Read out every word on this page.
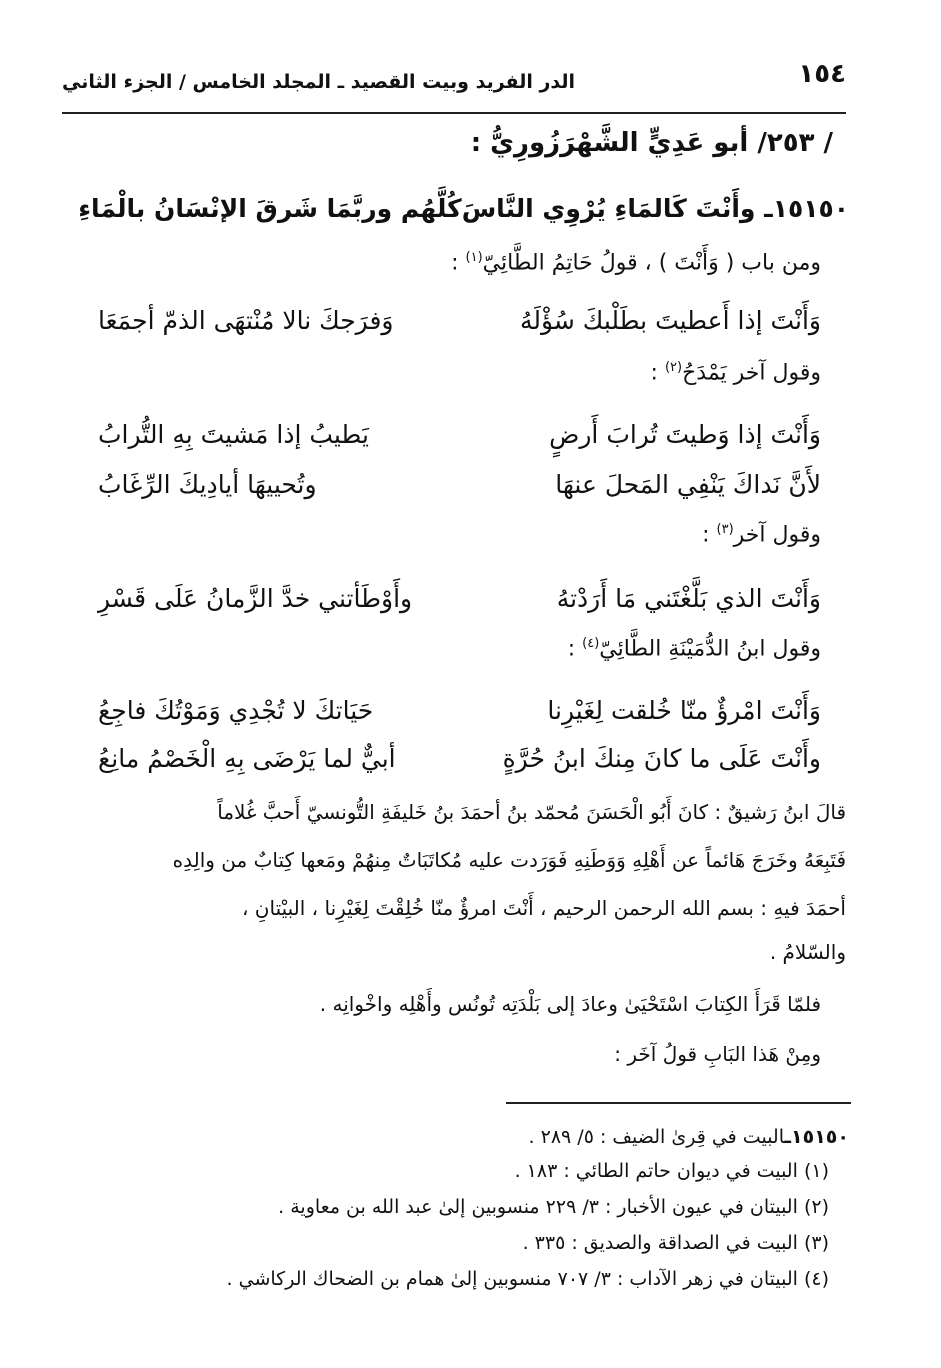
١٥٤
الدر الفريد وبيت القصيد ـ المجلد الخامس / الجزء الثاني
/ ٢٥٣/ أبو عَدِيٍّ الشَّهْرَزُورِيُّ :
١٥١٥٠ـ وأَنْتَ كَالمَاءِ يُرْوِي النَّاسَ
كُلَّهُم وربَّمَا شَرقَ الإنْسَانُ بالْمَاءِ
ومن باب ( وَأَنْتَ ) ، قولُ حَاتِمُ الطَّائِيّ$^{(١)}$ :
وَأَنْتَ إذا أَعطيتَ بطَلْبكَ سُؤْلَهُ
وَفرَجكَ نالا مُنْتهَى الذمّ أجمَعَا
وقول آخر يَمْدَحُ$^{(٢)}$ :
وَأَنْتَ إذا وَطيتَ تُرابَ أَرضٍ
يَطيبُ إذا مَشيتَ بِهِ التُّرابُ
لأَنَّ نَداكَ يَنْفِي المَحلَ عنهَا
وتُحييهَا أيادِيكَ الرِّغَابُ
وقول آخر$^{(٣)}$ :
وَأَنْتَ الذي بَلَّغْتَني مَا أَرَدْتهُ
وأَوْطَأتني خدَّ الزَّمانُ عَلَى قَسْرِ
وقول ابنُ الدُّمَيْنَةِ الطَّائِيّ$^{(٤)}$ :
وَأَنْتَ امْرؤٌ منّا خُلقت لِغَيْرِنا
حَيَاتكَ لا تُجْدِي وَمَوْتُكَ فاجِعُ
وأَنْتَ عَلَى ما كانَ مِنكَ ابنُ حُرَّةٍ
أبيٌّ لما يَرْضَى بِهِ الْخَصْمُ مانِعُ
قالَ ابنُ رَشيقٌ : كانَ أَبُو الْحَسَنَ مُحمّد بنُ أحمَدَ بنُ خَليفَةِ التُّونسيّ أَحبَّ غُلاماً
فَتَبِعَهُ وخَرَجَ هَائماً عن أَهْلِهِ وَوَطَنِهِ فَوَرَدت عليه مُكاتَبَاتٌ مِنهُمْ ومَعها كِتابٌ من والِدِه
أحمَدَ فيهِ : بسم الله الرحمن الرحيم ، أَنْتَ امرؤٌ منّا خُلِقْتَ لِغَيْرِنا ، البيْتانِ ،
والسّلامُ .
فلمّا قَرَأَ الكِتابَ اسْتَحْيَىٰ وعادَ إلى بَلْدَتِه تُونُس وأَهْلِه واخْوانِه .
ومِنْ هَذا البَابِ قولُ آخَر :
١٥١٥٠ـالبيت في قِرىٰ الضيف : ٥/ ٢٨٩ .
(١) البيت في ديوان حاتم الطائي : ١٨٣ .
(٢) البيتان في عيون الأخبار : ٣/ ٢٢٩ منسوبين إلىٰ عبد الله بن معاوية .
(٣) البيت في الصداقة والصديق : ٣٣٥ .
(٤) البيتان في زهر الآداب : ٣/ ٧٠٧ منسوبين إلىٰ همام بن الضحاك الركاشي .
